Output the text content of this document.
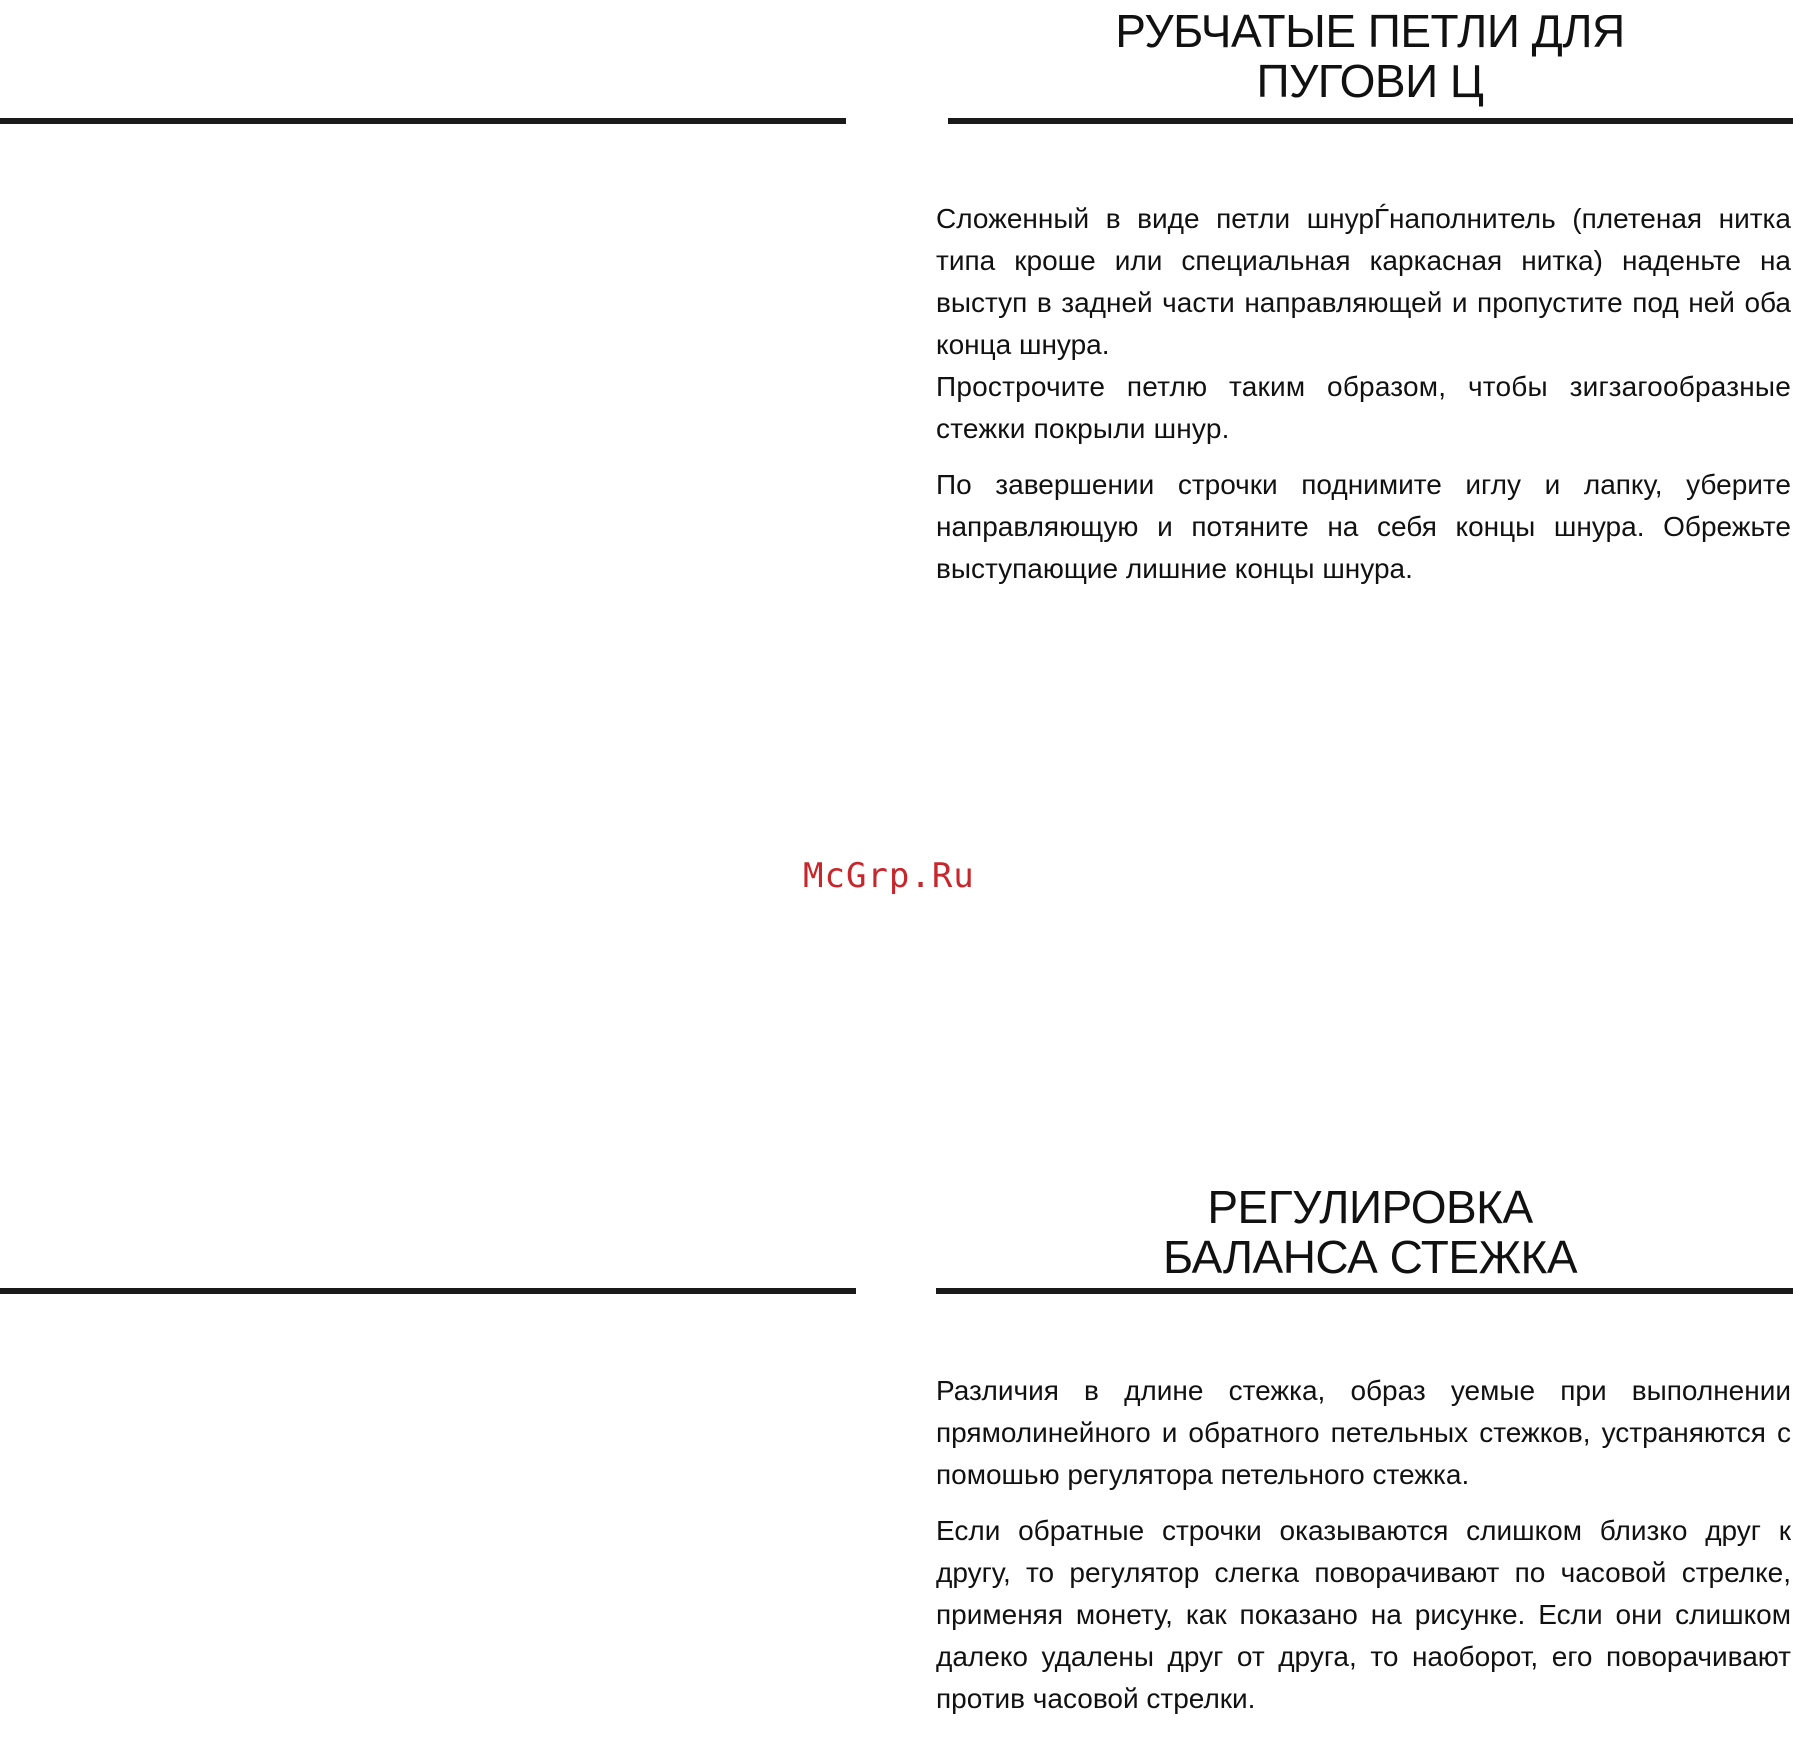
РУБЧАТЫЕ ПЕТЛИ ДЛЯ
ПУГОВИ Ц

Сложенный в виде петли шнурЃнаполнитель (плетеная нитка типа кроше или специальная каркасная нитка) наденьте на выступ в задней части направляющей и пропустите под ней оба конца шнура.

Прострочите петлю таким образом, чтобы зигзагообразные стежки покрыли шнур.

По завершении строчки поднимите иглу и лапку, уберите направляющую и потяните на себя концы шнура. Обрежьте выступающие лишние концы шнура.

McGrp.Ru
РЕГУЛИРОВКА
БАЛАНСА СТЕЖКА

Различия в длине стежка, образ уемые при выполнении прямолинейного и обратного петельных стежков, устраняются с помошью регулятора петельного стежка.

Если обратные строчки оказываются слишком близко друг к другу, то регулятор слегка поворачивают по часовой стрелке, применяя монету, как показано на рисунке. Если они слишком далеко удалены друг от друга, то наоборот, его поворачивают против часовой стрелки.
